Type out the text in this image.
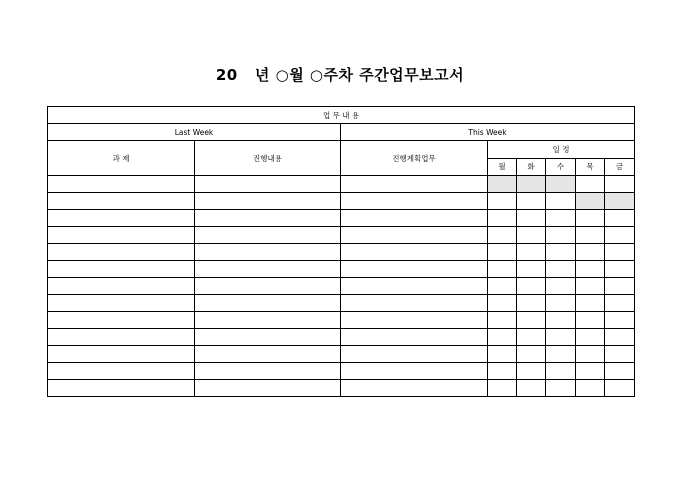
20   년 ○월 ○주차 주간업무보고서
업 무 내 용							
Last Week		This Week					
과 제	진행내용	진행계획업무	일 정				
			월	화	수	목	금
